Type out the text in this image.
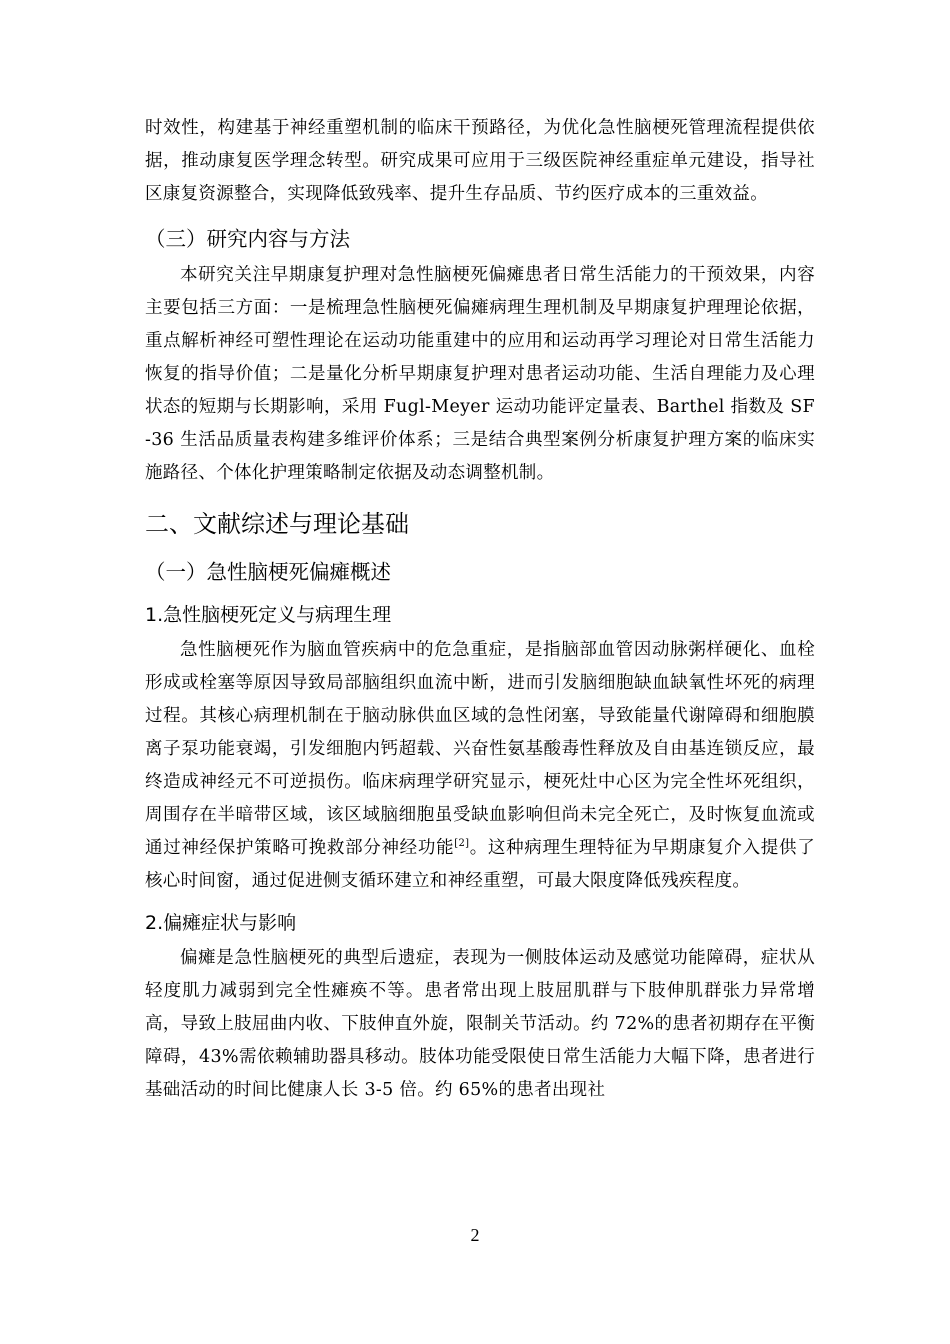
时效性，构建基于神经重塑机制的临床干预路径，为优化急性脑梗死管理流程提供依据，推动康复医学理念转型。研究成果可应用于三级医院神经重症单元建设，指导社区康复资源整合，实现降低致残率、提升生存品质、节约医疗成本的三重效益。

（三）研究内容与方法

本研究关注早期康复护理对急性脑梗死偏瘫患者日常生活能力的干预效果，内容主要包括三方面：一是梳理急性脑梗死偏瘫病理生理机制及早期康复护理理论依据，重点解析神经可塑性理论在运动功能重建中的应用和运动再学习理论对日常生活能力恢复的指导价值；二是量化分析早期康复护理对患者运动功能、生活自理能力及心理状态的短期与长期影响，采用 Fugl-Meyer 运动功能评定量表、Barthel 指数及 SF-36 生活品质量表构建多维评价体系；三是结合典型案例分析康复护理方案的临床实施路径、个体化护理策略制定依据及动态调整机制。

二、文献综述与理论基础
（一）急性脑梗死偏瘫概述
1.急性脑梗死定义与病理生理

急性脑梗死作为脑血管疾病中的危急重症，是指脑部血管因动脉粥样硬化、血栓形成或栓塞等原因导致局部脑组织血流中断，进而引发脑细胞缺血缺氧性坏死的病理过程。其核心病理机制在于脑动脉供血区域的急性闭塞，导致能量代谢障碍和细胞膜离子泵功能衰竭，引发细胞内钙超载、兴奋性氨基酸毒性释放及自由基连锁反应，最终造成神经元不可逆损伤。临床病理学研究显示，梗死灶中心区为完全性坏死组织，周围存在半暗带区域，该区域脑细胞虽受缺血影响但尚未完全死亡，及时恢复血流或通过神经保护策略可挽救部分神经功能[2]。这种病理生理特征为早期康复介入提供了核心时间窗，通过促进侧支循环建立和神经重塑，可最大限度降低残疾程度。

2.偏瘫症状与影响

偏瘫是急性脑梗死的典型后遗症，表现为一侧肢体运动及感觉功能障碍，症状从轻度肌力减弱到完全性瘫痪不等。患者常出现上肢屈肌群与下肢伸肌群张力异常增高，导致上肢屈曲内收、下肢伸直外旋，限制关节活动。约 72%的患者初期存在平衡障碍，43%需依赖辅助器具移动。肢体功能受限使日常生活能力大幅下降，患者进行基础活动的时间比健康人长 3-5 倍。约 65%的患者出现社

2
